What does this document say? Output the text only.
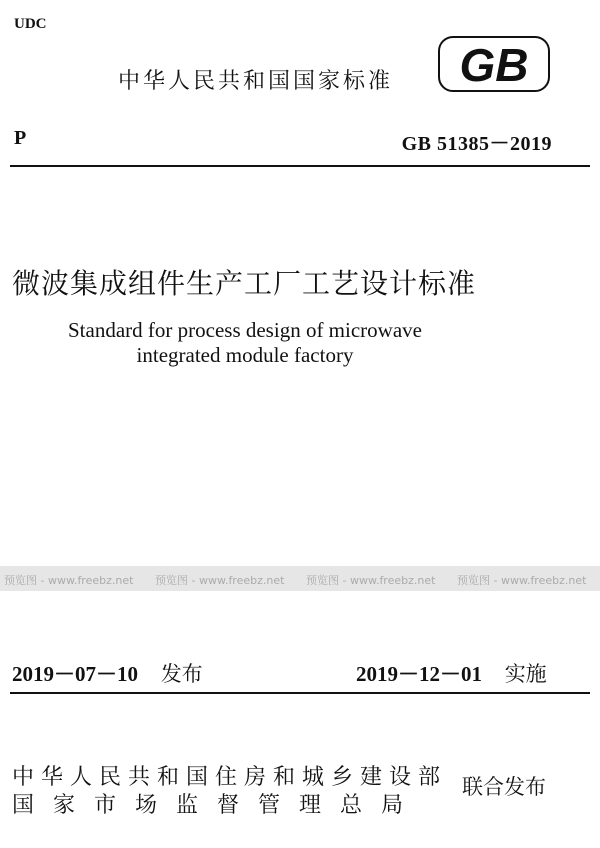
UDC
中华人民共和国国家标准 GB
P	GB 51385－2019
微波集成组件生产工厂工艺设计标准
Standard for process design of microwave
integrated module factory
预览图 - www.freebz.net 预览图 - www.freebz.net 预览图 - www.freebz.net 预览图 - www.freebz.net
2019－07－10 发布	2019－12－01 实施
中华人民共和国住房和城乡建设部
国家市场监督管理总局
联合发布
